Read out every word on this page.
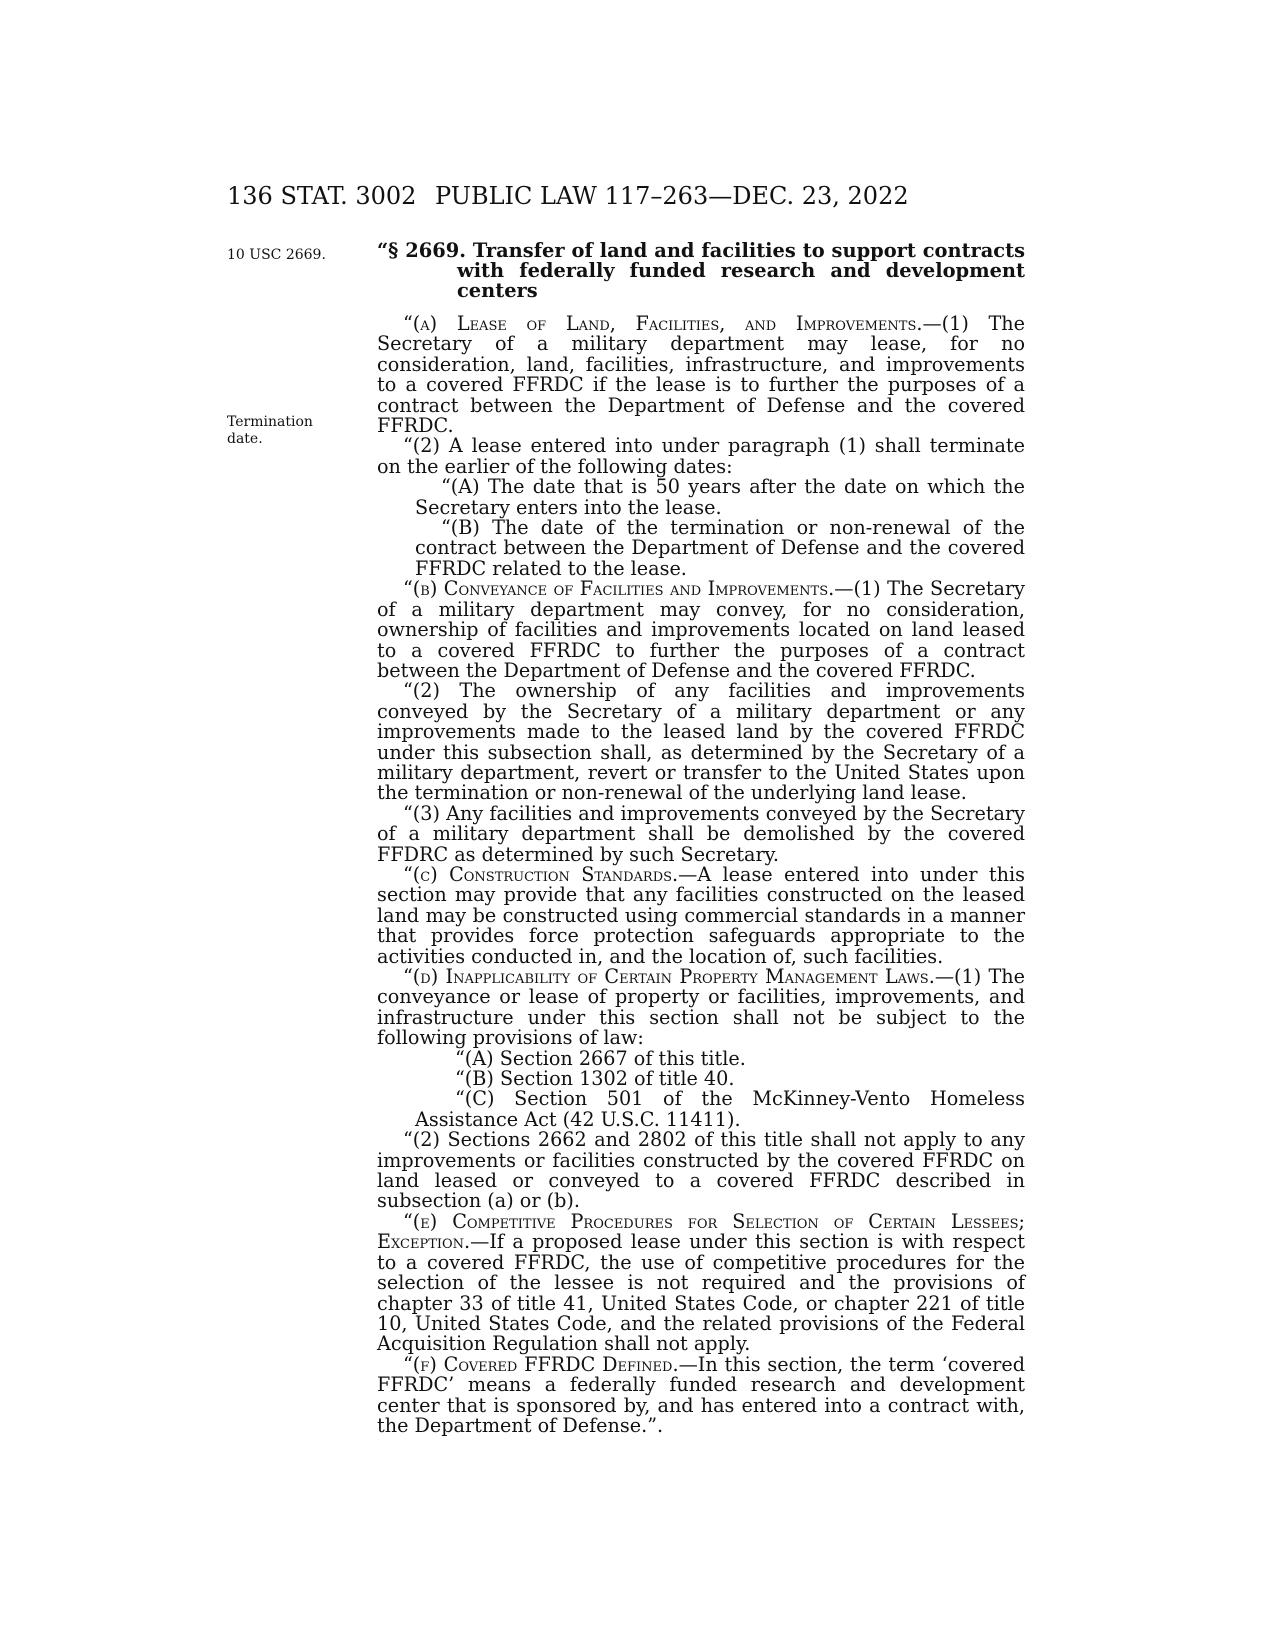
136 STAT. 3002 PUBLIC LAW 117–263—DEC. 23, 2022
10 USC 2669.
Termination date.
“§ 2669. Transfer of land and facilities to support contracts with federally funded research and development centers

“(a) Lease of Land, Facilities, and Improvements.—(1) The Secretary of a military department may lease, for no consideration, land, facilities, infrastructure, and improvements to a covered FFRDC if the lease is to further the purposes of a contract between the Department of Defense and the covered FFRDC.

“(2) A lease entered into under paragraph (1) shall terminate on the earlier of the following dates:

“(A) The date that is 50 years after the date on which the Secretary enters into the lease.

“(B) The date of the termination or non-renewal of the contract between the Department of Defense and the covered FFRDC related to the lease.

“(b) Conveyance of Facilities and Improvements.—(1) The Secretary of a military department may convey, for no consideration, ownership of facilities and improvements located on land leased to a covered FFRDC to further the purposes of a contract between the Department of Defense and the covered FFRDC.

“(2) The ownership of any facilities and improvements conveyed by the Secretary of a military department or any improvements made to the leased land by the covered FFRDC under this subsection shall, as determined by the Secretary of a military department, revert or transfer to the United States upon the termination or non-renewal of the underlying land lease.

“(3) Any facilities and improvements conveyed by the Secretary of a military department shall be demolished by the covered FFDRC as determined by such Secretary.

“(c) Construction Standards.—A lease entered into under this section may provide that any facilities constructed on the leased land may be constructed using commercial standards in a manner that provides force protection safeguards appropriate to the activities conducted in, and the location of, such facilities.

“(d) Inapplicability of Certain Property Management Laws.—(1) The conveyance or lease of property or facilities, improvements, and infrastructure under this section shall not be subject to the following provisions of law:

“(A) Section 2667 of this title.

“(B) Section 1302 of title 40.

“(C) Section 501 of the McKinney-Vento Homeless Assistance Act (42 U.S.C. 11411).

“(2) Sections 2662 and 2802 of this title shall not apply to any improvements or facilities constructed by the covered FFRDC on land leased or conveyed to a covered FFRDC described in subsection (a) or (b).

“(e) Competitive Procedures for Selection of Certain Lessees; Exception.—If a proposed lease under this section is with respect to a covered FFRDC, the use of competitive procedures for the selection of the lessee is not required and the provisions of chapter 33 of title 41, United States Code, or chapter 221 of title 10, United States Code, and the related provisions of the Federal Acquisition Regulation shall not apply.

“(f) Covered FFRDC Defined.—In this section, the term ‘covered FFRDC’ means a federally funded research and development center that is sponsored by, and has entered into a contract with, the Department of Defense.”.
